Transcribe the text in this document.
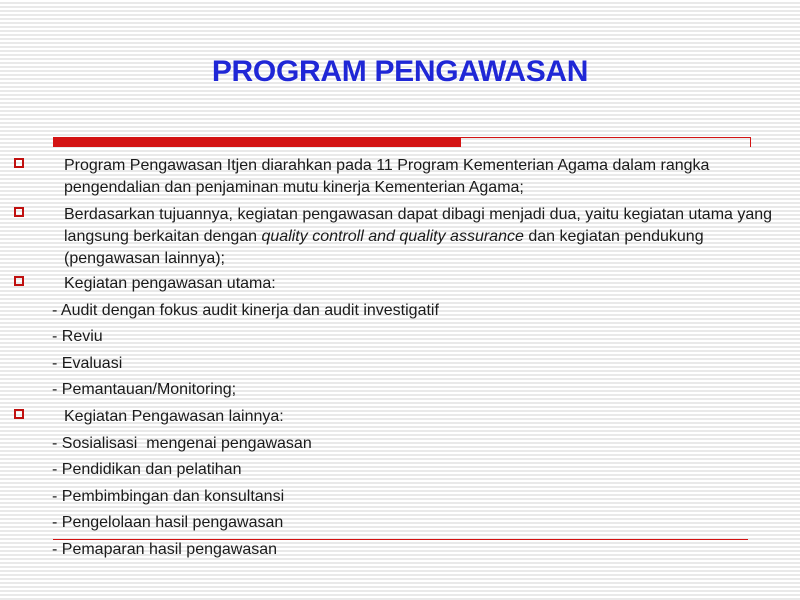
PROGRAM PENGAWASAN
Program Pengawasan Itjen diarahkan pada 11 Program Kementerian Agama dalam rangka pengendalian dan penjaminan mutu kinerja Kementerian Agama;
Berdasarkan tujuannya, kegiatan pengawasan dapat dibagi menjadi dua, yaitu kegiatan utama yang langsung berkaitan dengan quality controll and quality assurance dan kegiatan pendukung (pengawasan lainnya);
Kegiatan pengawasan utama:
- Audit dengan fokus audit kinerja dan audit investigatif
- Reviu
- Evaluasi
- Pemantauan/Monitoring;
Kegiatan Pengawasan lainnya:
- Sosialisasi  mengenai pengawasan
- Pendidikan dan pelatihan
- Pembimbingan dan konsultansi
- Pengelolaan hasil pengawasan
- Pemaparan hasil pengawasan
